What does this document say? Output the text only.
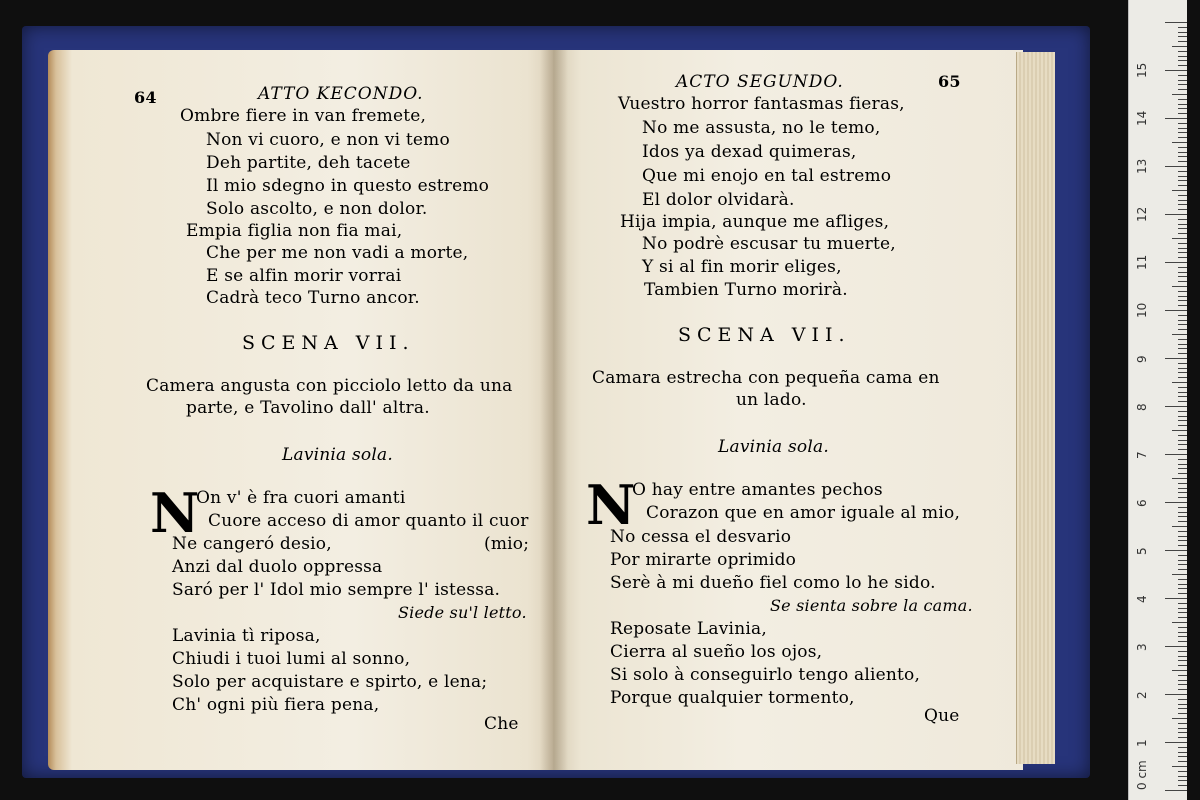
64	ATTO KECONDO.
Ombre fiere in van fremete,
Non vi cuoro, e non vi temo
Deh partite, deh tacete
Il mio sdegno in questo estremo
Solo ascolto, e non dolor.
Empia figlia non fia mai,
Che per me non vadi a morte,
E se alfin morir vorrai
Cadrà teco Turno ancor.
SCENA VII.
Camera angusta con picciolo letto da una
parte, e Tavolino dall' altra.
Lavinia sola.
N
On v' è fra cuori amanti
Cuore acceso di amor quanto il cuor
(mio;
Ne cangeró desio,
Anzi dal duolo oppressa
Saró per l' Idol mio sempre l' istessa.
Siede su'l letto.
Lavinia tì riposa,
Chiudi i tuoi lumi al sonno,
Solo per acquistare e spirto, e lena;
Ch' ogni più fiera pena,
Che
ACTO SEGUNDO.	65
Vuestro horror fantasmas fieras,
No me assusta, no le temo,
Idos ya dexad quimeras,
Que mi enojo en tal estremo
El dolor olvidarà.
Hija impia, aunque me afliges,
No podrè escusar tu muerte,
Y si al fin morir eliges,
Tambien Turno morirà.
SCENA VII.
Camara estrecha con pequeña cama en
un lado.
Lavinia sola.
N
O hay entre amantes pechos
Corazon que en amor iguale al mio,
No cessa el desvario
Por mirarte oprimido
Serè à mi dueño fiel como lo he sido.
Se sienta sobre la cama.
Reposate Lavinia,
Cierra al sueño los ojos,
Si solo à conseguirlo tengo aliento,
Porque qualquier tormento,
Que
0 cm
1
2
3
4
5
6
7
8
9
10
11
12
13
14
15
